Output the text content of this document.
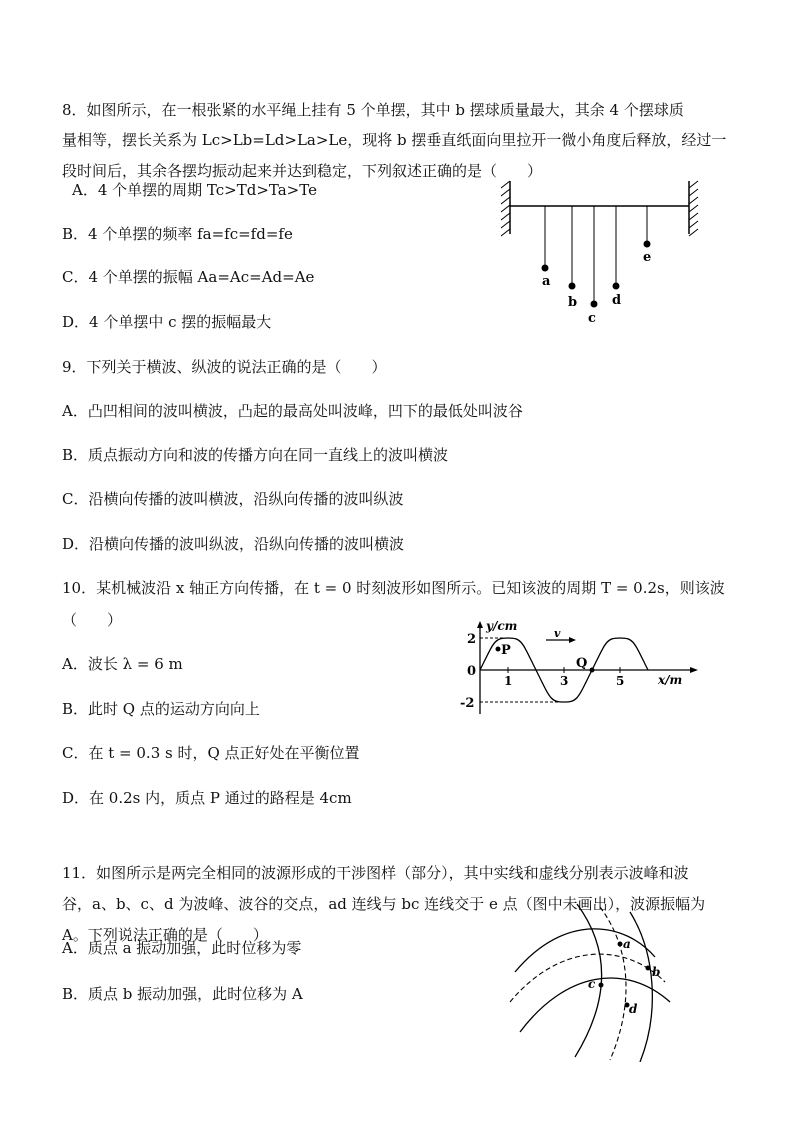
8．如图所示，在一根张紧的水平绳上挂有 5 个单摆，其中 b 摆球质量最大，其余 4 个摆球质
量相等，摆长关系为 Lc>Lb=Ld>La>Le，现将 b 摆垂直纸面向里拉开一微小角度后释放，经过一
段时间后，其余各摆均振动起来并达到稳定，下列叙述正确的是（　　）
A．4 个单摆的周期 Tc>Td>Ta>Te
B．4 个单摆的频率 fa=fc=fd=fe
C．4 个单摆的振幅 Aa=Ac=Ad=Ae
D．4 个单摆中 c 摆的振幅最大
a
b
c
d
e
9．下列关于横波、纵波的说法正确的是（　　）
A．凸凹相间的波叫横波，凸起的最高处叫波峰，凹下的最低处叫波谷
B．质点振动方向和波的传播方向在同一直线上的波叫横波
C．沿横向传播的波叫横波，沿纵向传播的波叫纵波
D．沿横向传播的波叫纵波，沿纵向传播的波叫横波
10．某机械波沿 x 轴正方向传播，在 t = 0 时刻波形如图所示。已知该波的周期 T = 0.2s，则该波
（　　）
A．波长 λ = 6 m
B．此时 Q 点的运动方向向上
C．在 t = 0.3 s 时，Q 点正好处在平衡位置
D．在 0.2s 内，质点 P 通过的路程是 4cm
y/cm
x/m
2
0
-2
1	3	5
P
Q
v
11．如图所示是两完全相同的波源形成的干涉图样（部分），其中实线和虚线分别表示波峰和波
谷，a、b、c、d 为波峰、波谷的交点，ad 连线与 bc 连线交于 e 点（图中未画出），波源振幅为
A。下列说法正确的是（　　）
A．质点 a 振动加强，此时位移为零
B．质点 b 振动加强，此时位移为 A
a
b
c
d
